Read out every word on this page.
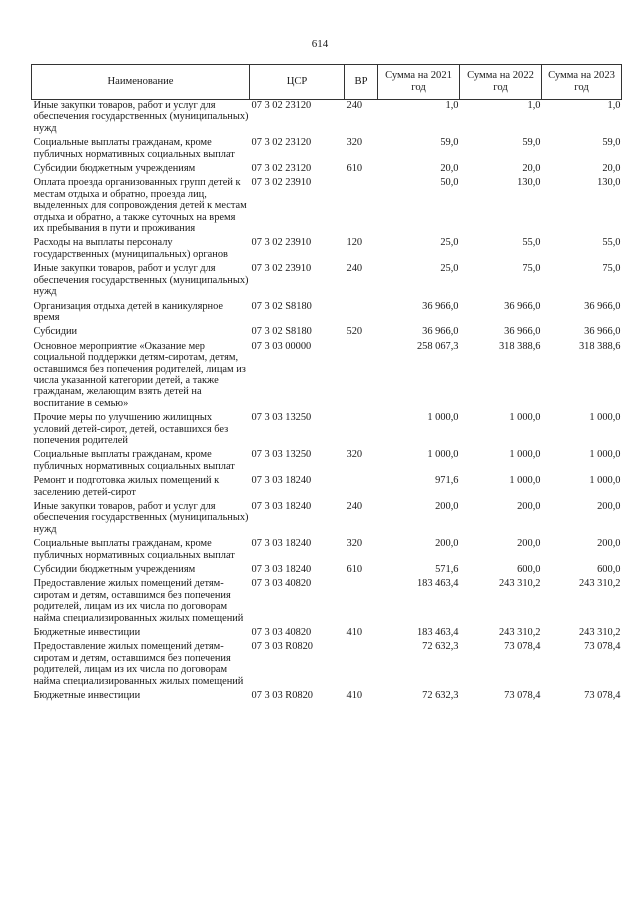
614
Наименование	ЦСР	ВР	Сумма на 2021 год	Сумма на 2022 год	Сумма на 2023 год
Иные закупки товаров, работ и услуг для обеспечения государственных (муниципальных) нужд	07 3 02 23120	240	1,0	1,0	1,0
Социальные выплаты гражданам, кроме публичных нормативных социальных выплат	07 3 02 23120	320	59,0	59,0	59,0
Субсидии бюджетным учреждениям	07 3 02 23120	610	20,0	20,0	20,0
Оплата проезда организованных групп детей к местам отдыха и обратно, проезда лиц, выделенных для сопровождения детей к местам отдыха и обратно, а также суточных на время их пребывания в пути и проживания	07 3 02 23910		50,0	130,0	130,0
Расходы на выплаты персоналу государственных (муниципальных) органов	07 3 02 23910	120	25,0	55,0	55,0
Иные закупки товаров, работ и услуг для обеспечения государственных (муниципальных) нужд	07 3 02 23910	240	25,0	75,0	75,0
Организация отдыха детей в каникулярное время	07 3 02 S8180		36 966,0	36 966,0	36 966,0
Субсидии	07 3 02 S8180	520	36 966,0	36 966,0	36 966,0
Основное мероприятие «Оказание мер социальной поддержки детям-сиротам, детям, оставшимся без попечения родителей, лицам из числа указанной категории детей, а также гражданам, желающим взять детей на воспитание в семью»	07 3 03 00000		258 067,3	318 388,6	318 388,6
Прочие меры по улучшению жилищных условий детей-сирот, детей, оставшихся без попечения родителей	07 3 03 13250		1 000,0	1 000,0	1 000,0
Социальные выплаты гражданам, кроме публичных нормативных социальных выплат	07 3 03 13250	320	1 000,0	1 000,0	1 000,0
Ремонт и подготовка жилых помещений к заселению детей-сирот	07 3 03 18240		971,6	1 000,0	1 000,0
Иные закупки товаров, работ и услуг для обеспечения государственных (муниципальных) нужд	07 3 03 18240	240	200,0	200,0	200,0
Социальные выплаты гражданам, кроме публичных нормативных социальных выплат	07 3 03 18240	320	200,0	200,0	200,0
Субсидии бюджетным учреждениям	07 3 03 18240	610	571,6	600,0	600,0
Предоставление жилых помещений детям-сиротам и детям, оставшимся без попечения родителей, лицам из их числа по договорам найма специализированных жилых помещений	07 3 03 40820		183 463,4	243 310,2	243 310,2
Бюджетные инвестиции	07 3 03 40820	410	183 463,4	243 310,2	243 310,2
Предоставление жилых помещений детям-сиротам и детям, оставшимся без попечения родителей, лицам из их числа по договорам найма специализированных жилых помещений	07 3 03 R0820		72 632,3	73 078,4	73 078,4
Бюджетные инвестиции	07 3 03 R0820	410	72 632,3	73 078,4	73 078,4
